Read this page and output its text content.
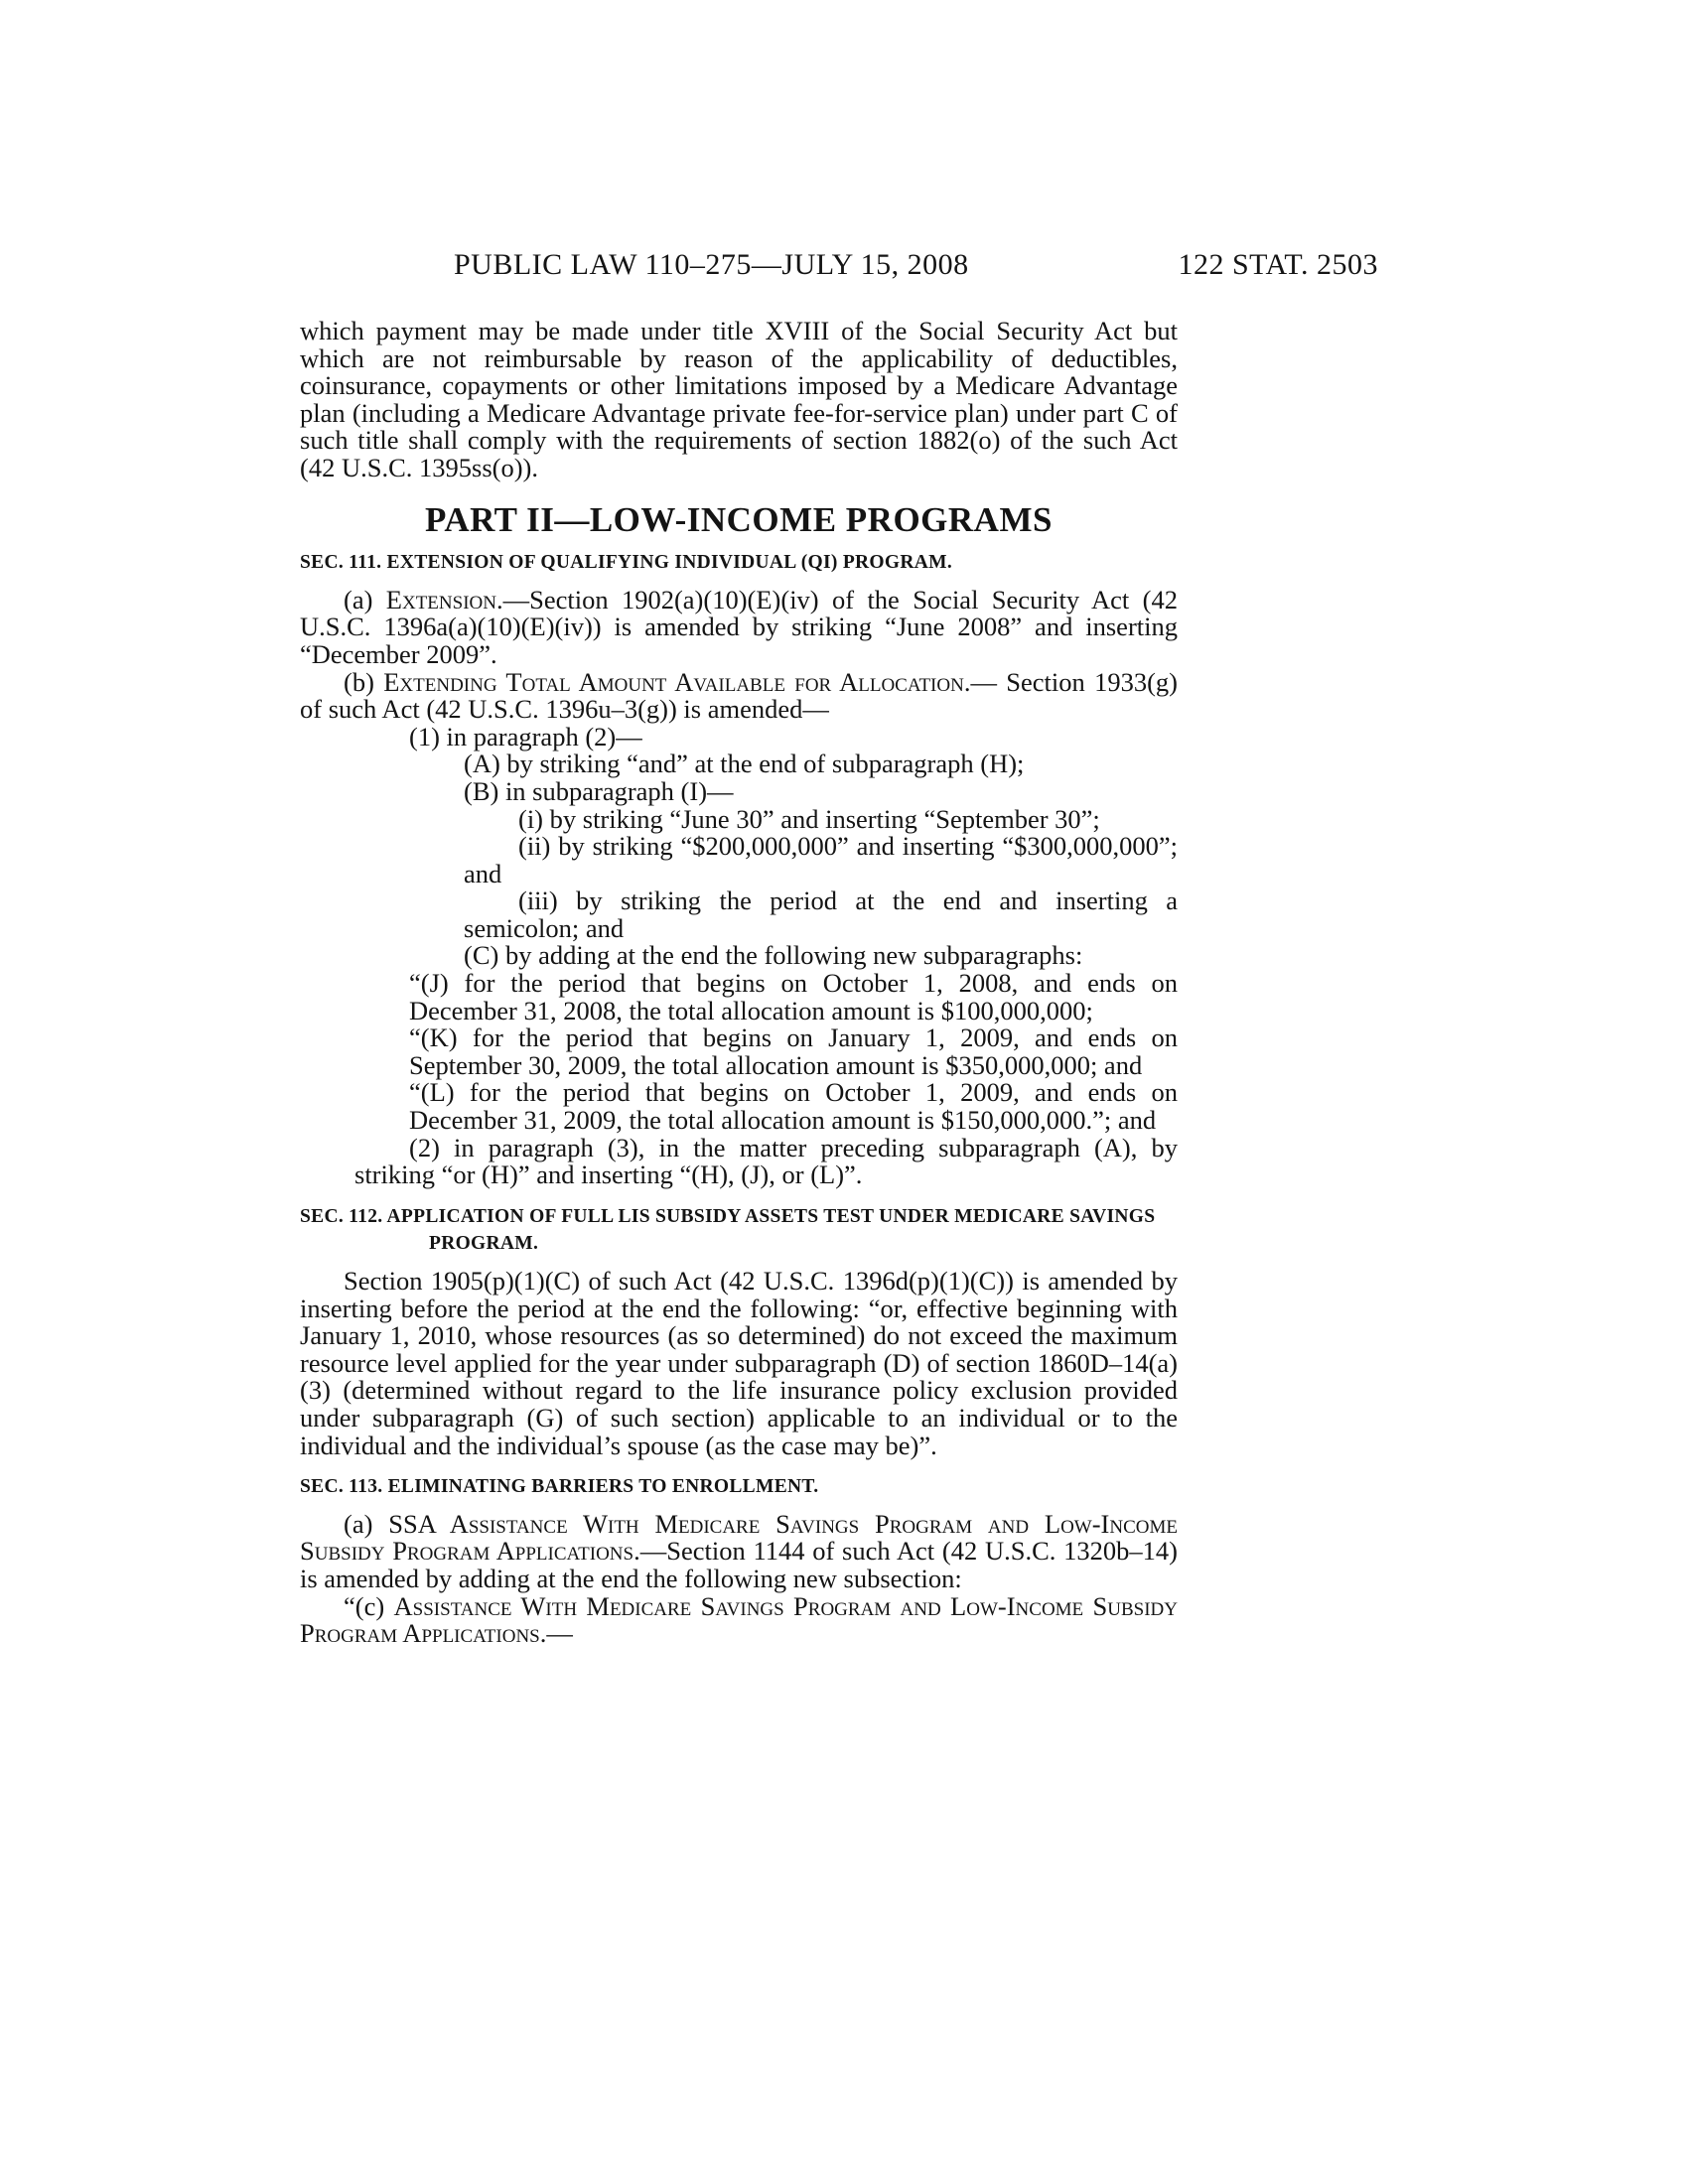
PUBLIC LAW 110–275—JULY 15, 2008	122 STAT. 2503

which payment may be made under title XVIII of the Social Security Act but which are not reimbursable by reason of the applicability of deductibles, coinsurance, copayments or other limitations imposed by a Medicare Advantage plan (including a Medicare Advantage private fee-for-service plan) under part C of such title shall comply with the requirements of section 1882(o) of the such Act (42 U.S.C. 1395ss(o)).

PART II—LOW-INCOME PROGRAMS
SEC. 111. EXTENSION OF QUALIFYING INDIVIDUAL (QI) PROGRAM.

(a) Extension.—Section 1902(a)(10)(E)(iv) of the Social Security Act (42 U.S.C. 1396a(a)(10)(E)(iv)) is amended by striking “June 2008” and inserting “December 2009”.

(b) Extending Total Amount Available for Allocation.— Section 1933(g) of such Act (42 U.S.C. 1396u–3(g)) is amended—

(1) in paragraph (2)—

(A) by striking “and” at the end of subparagraph (H);

(B) in subparagraph (I)—

(i) by striking “June 30” and inserting “September 30”;

(ii) by striking “$200,000,000” and inserting “$300,000,000”; and

(iii) by striking the period at the end and inserting a semicolon; and

(C) by adding at the end the following new subparagraphs:

“(J) for the period that begins on October 1, 2008, and ends on December 31, 2008, the total allocation amount is $100,000,000;

“(K) for the period that begins on January 1, 2009, and ends on September 30, 2009, the total allocation amount is $350,000,000; and

“(L) for the period that begins on October 1, 2009, and ends on December 31, 2009, the total allocation amount is $150,000,000.”; and

(2) in paragraph (3), in the matter preceding subparagraph (A), by striking “or (H)” and inserting “(H), (J), or (L)”.

SEC. 112. APPLICATION OF FULL LIS SUBSIDY ASSETS TEST UNDER MEDICARE SAVINGS PROGRAM.

Section 1905(p)(1)(C) of such Act (42 U.S.C. 1396d(p)(1)(C)) is amended by inserting before the period at the end the following: “or, effective beginning with January 1, 2010, whose resources (as so determined) do not exceed the maximum resource level applied for the year under subparagraph (D) of section 1860D–14(a)(3) (determined without regard to the life insurance policy exclusion provided under subparagraph (G) of such section) applicable to an individual or to the individual and the individual’s spouse (as the case may be)”.

SEC. 113. ELIMINATING BARRIERS TO ENROLLMENT.

(a) SSA Assistance With Medicare Savings Program and Low-Income Subsidy Program Applications.—Section 1144 of such Act (42 U.S.C. 1320b–14) is amended by adding at the end the following new subsection:

“(c) Assistance With Medicare Savings Program and Low-Income Subsidy Program Applications.—
